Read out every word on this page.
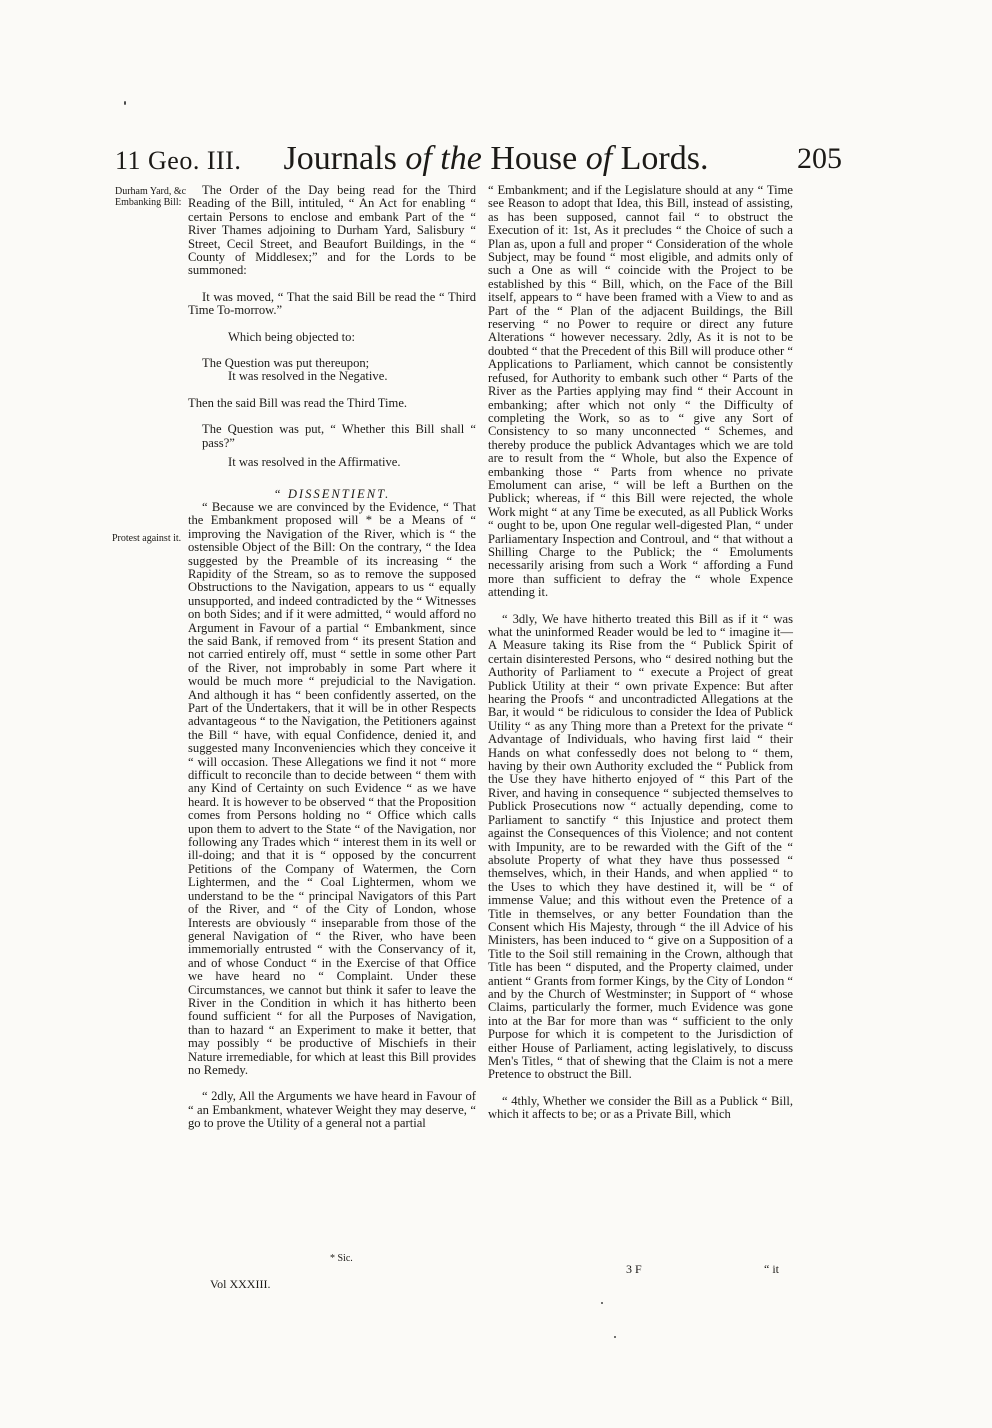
11 Geo. III.	Journals of the House of Lords.	205
Durham Yard, &c Embanking Bill:
Protest against it.

The Order of the Day being read for the Third Reading of the Bill, intituled, “ An Act for enabling “ certain Persons to enclose and embank Part of the “ River Thames adjoining to Durham Yard, Salisbury “ Street, Cecil Street, and Beaufort Buildings, in the “ County of Middlesex;” and for the Lords to be summoned:

It was moved, “ That the said Bill be read the “ Third Time To-morrow.”

Which being objected to:

The Question was put thereupon;

It was resolved in the Negative.

Then the said Bill was read the Third Time.

The Question was put, “ Whether this Bill shall “ pass?”

It was resolved in the Affirmative.

“ DISSENTIENT.

“ Because we are convinced by the Evidence, “ That the Embankment proposed will * be a Means of “ improving the Navigation of the River, which is “ the ostensible Object of the Bill: On the contrary, “ the Idea suggested by the Preamble of its increasing “ the Rapidity of the Stream, so as to remove the supposed Obstructions to the Navigation, appears to us “ equally unsupported, and indeed contradicted by the “ Witnesses on both Sides; and if it were admitted, “ would afford no Argument in Favour of a partial “ Embankment, since the said Bank, if removed from “ its present Station and not carried entirely off, must “ settle in some other Part of the River, not improbably in some Part where it would be much more “ prejudicial to the Navigation. And although it has “ been confidently asserted, on the Part of the Undertakers, that it will be in other Respects advantageous “ to the Navigation, the Petitioners against the Bill “ have, with equal Confidence, denied it, and suggested many Inconveniencies which they conceive it “ will occasion. These Allegations we find it not “ more difficult to reconcile than to decide between “ them with any Kind of Certainty on such Evidence “ as we have heard. It is however to be observed “ that the Proposition comes from Persons holding no “ Office which calls upon them to advert to the State “ of the Navigation, nor following any Trades which “ interest them in its well or ill-doing; and that it is “ opposed by the concurrent Petitions of the Company of Watermen, the Corn Lightermen, and the “ Coal Lightermen, whom we understand to be the “ principal Navigators of this Part of the River, and “ of the City of London, whose Interests are obviously “ inseparable from those of the general Navigation of “ the River, who have been immemorially entrusted “ with the Conservancy of it, and of whose Conduct “ in the Exercise of that Office we have heard no “ Complaint. Under these Circumstances, we cannot but think it safer to leave the River in the Condition in which it has hitherto been found sufficient “ for all the Purposes of Navigation, than to hazard “ an Experiment to make it better, that may possibly “ be productive of Mischiefs in their Nature irremediable, for which at least this Bill provides no Remedy.

“ 2dly, All the Arguments we have heard in Favour of “ an Embankment, whatever Weight they may deserve, “ go to prove the Utility of a general not a partial

“ Embankment; and if the Legislature should at any “ Time see Reason to adopt that Idea, this Bill, instead of assisting, as has been supposed, cannot fail “ to obstruct the Execution of it: 1st, As it precludes “ the Choice of such a Plan as, upon a full and proper “ Consideration of the whole Subject, may be found “ most eligible, and admits only of such a One as will “ coincide with the Project to be established by this “ Bill, which, on the Face of the Bill itself, appears to “ have been framed with a View to and as Part of the “ Plan of the adjacent Buildings, the Bill reserving “ no Power to require or direct any future Alterations “ however necessary. 2dly, As it is not to be doubted “ that the Precedent of this Bill will produce other “ Applications to Parliament, which cannot be consistently refused, for Authority to embank such other “ Parts of the River as the Parties applying may find “ their Account in embanking; after which not only “ the Difficulty of completing the Work, so as to “ give any Sort of Consistency to so many unconnected “ Schemes, and thereby produce the publick Advantages which we are told are to result from the “ Whole, but also the Expence of embanking those “ Parts from whence no private Emolument can arise, “ will be left a Burthen on the Publick; whereas, if “ this Bill were rejected, the whole Work might “ at any Time be executed, as all Publick Works “ ought to be, upon One regular well-digested Plan, “ under Parliamentary Inspection and Controul, and “ that without a Shilling Charge to the Publick; the “ Emoluments necessarily arising from such a Work “ affording a Fund more than sufficient to defray the “ whole Expence attending it.

“ 3dly, We have hitherto treated this Bill as if it “ was what the uninformed Reader would be led to “ imagine it—A Measure taking its Rise from the “ Publick Spirit of certain disinterested Persons, who “ desired nothing but the Authority of Parliament to “ execute a Project of great Publick Utility at their “ own private Expence: But after hearing the Proofs “ and uncontradicted Allegations at the Bar, it would “ be ridiculous to consider the Idea of Publick Utility “ as any Thing more than a Pretext for the private “ Advantage of Individuals, who having first laid “ their Hands on what confessedly does not belong to “ them, having by their own Authority excluded the “ Publick from the Use they have hitherto enjoyed of “ this Part of the River, and having in consequence “ subjected themselves to Publick Prosecutions now “ actually depending, come to Parliament to sanctify “ this Injustice and protect them against the Consequences of this Violence; and not content with Impunity, are to be rewarded with the Gift of the “ absolute Property of what they have thus possessed “ themselves, which, in their Hands, and when applied “ to the Uses to which they have destined it, will be “ of immense Value; and this without even the Pretence of a Title in themselves, or any better Foundation than the Consent which His Majesty, through “ the ill Advice of his Ministers, has been induced to “ give on a Supposition of a Title to the Soil still remaining in the Crown, although that Title has been “ disputed, and the Property claimed, under antient “ Grants from former Kings, by the City of London “ and by the Church of Westminster; in Support of “ whose Claims, particularly the former, much Evidence was gone into at the Bar for more than was “ sufficient to the only Purpose for which it is competent to the Jurisdiction of either House of Parliament, acting legislatively, to discuss Men's Titles, “ that of shewing that the Claim is not a mere Pretence to obstruct the Bill.

“ 4thly, Whether we consider the Bill as a Publick “ Bill, which it affects to be; or as a Private Bill, which

* Sic.
Vol XXXIII.
3 F	“ it
